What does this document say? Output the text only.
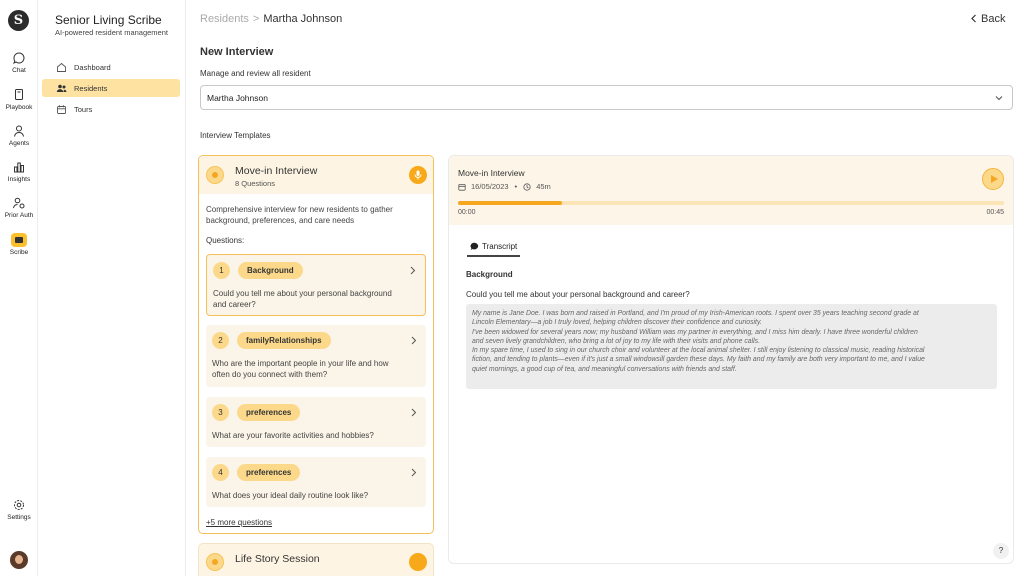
S
Chat
Playbook
Agents
Insights
Prior Auth
Scribe
Settings
Senior Living Scribe
AI-powered resident management
Dashboard
Residents
Tours
Residents > Martha Johnson	Back
New Interview
Manage and review all resident
Martha Johnson
Interview Templates
Move-in Interview
8 Questions
Comprehensive interview for new residents to gather background, preferences, and care needs
Questions:
1	Background
Could you tell me about your personal background and career?
2	familyRelationships
Who are the important people in your life and how often do you connect with them?
3	preferences
What are your favorite activities and hobbies?
4	preferences
What does your ideal daily routine look like?
+5 more questions
Life Story Session
Move-in Interview
16/05/2023 •	45m
00:00	00:45
Transcript
Background
Could you tell me about your personal background and career?

My name is Jane Doe. I was born and raised in Portland, and I'm proud of my Irish-American roots. I spent over 35 years teaching second grade at

Lincoln Elementary—a job I truly loved, helping children discover their confidence and curiosity.

I've been widowed for several years now; my husband William was my partner in everything, and I miss him dearly. I have three wonderful children

and seven lively grandchildren, who bring a lot of joy to my life with their visits and phone calls.

In my spare time, I used to sing in our church choir and volunteer at the local animal shelter. I still enjoy listening to classical music, reading historical

fiction, and tending to plants—even if it's just a small windowsill garden these days. My faith and my family are both very important to me, and I value

quiet mornings, a good cup of tea, and meaningful conversations with friends and staff.

?
